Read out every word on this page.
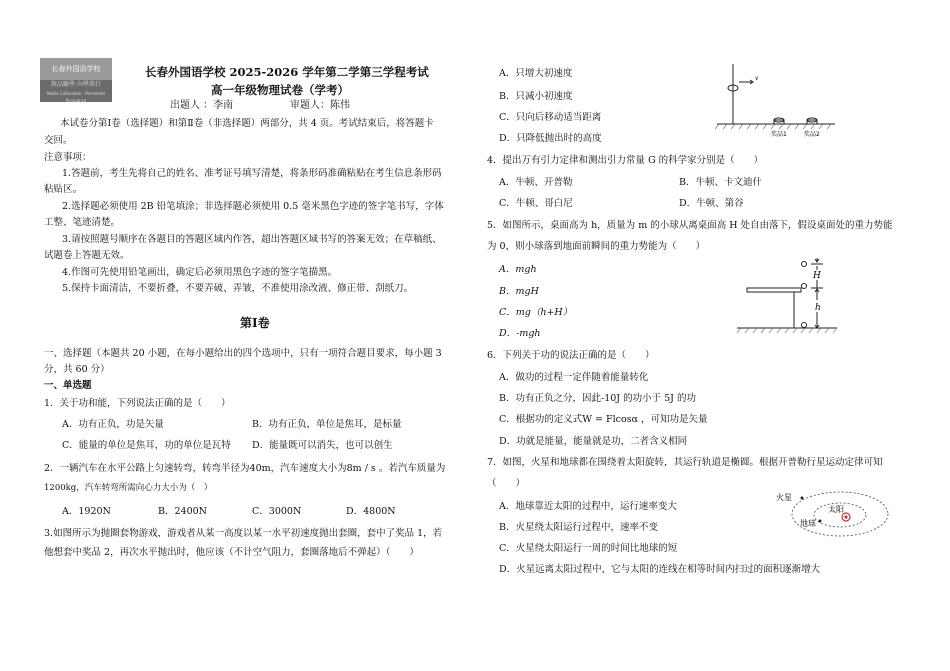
长春外国语学校
敦品勵學 向學篤行
Noble Cultivation · Persistent Pursuance
长春外国语学校 2025-2026 学年第二学第三学程考试
高一年级物理试卷（学考）
出题人 ：李南	审题人：陈伟
本试卷分第Ⅰ卷（选择题）和第Ⅱ卷（非选择题）两部分，共 4 页。考试结束后，将答题卡
交回。
注意事项：
1.答题前，考生先将自己的姓名、准考证号填写清楚，将条形码准确粘贴在考生信息条形码
粘贴区。
2.选择题必须使用 2B 铅笔填涂；非选择题必须使用 0.5 毫米黑色字迹的签字笔书写，字体
工整、笔迹清楚。
3.请按照题号顺序在各题目的答题区域内作答，超出答题区域书写的答案无效；在草稿纸、
试题卷上答题无效。
4.作图可先使用铅笔画出，确定后必须用黑色字迹的签字笔描黑。
5.保持卡面清洁，不要折叠，不要弄破、弄皱，不准使用涂改液、修正带、刮纸刀。
第Ⅰ卷
一、选择题（本题共 20 小题，在每小题给出的四个选项中，只有一项符合题目要求，每小题 3
分，共 60 分）
一、单选题
1．关于功和能，下列说法正确的是（　　）
A．功有正负，功是矢量	B．功有正负，单位是焦耳，是标量
C．能量的单位是焦耳，功的单位是瓦特 D．能量既可以消失，也可以创生
2．一辆汽车在水平公路上匀速转弯，转弯半径为40m，汽车速度大小为8m / s 。若汽车质量为
1200kg，汽车转弯所需向心力大小为（　）
A．1920N	B．2400N	C．3000N	D．4800N
3.如图所示为抛圈套物游戏，游戏者从某一高度以某一水平初速度抛出套圈，套中了奖品 1，若
他想套中奖品 2，再次水平抛出时，他应该（不计空气阻力，套圈落地后不弹起）（　　）
A．只增大初速度
B．只减小初速度
C．只向后移动适当距离
D．只降低抛出时的高度
v
奖品1	奖品2
4．提出万有引力定律和测出引力常量 G 的科学家分别是（　　）
A．牛顿、开普勒	B．牛顿、卡文迪什
C．牛顿、哥白尼	D．牛顿、第谷
5．如图所示，桌面高为 h，质量为 m 的小球从离桌面高 H 处自由落下，假设桌面处的重力势能
为 0，则小球落到地面前瞬间的重力势能为（　　）
A．mgh
B．mgH
C．mg（h+H）
D．-mgh
H
h
6．下列关于功的说法正确的是（　　）
A．做功的过程一定伴随着能量转化
B．功有正负之分，因此-10J 的功小于 5J 的功
C．根据功的定义式W = Flcosα ，可知功是矢量
D．功就是能量，能量就是功，二者含义相同
7．如图，火星和地球都在围绕着太阳旋转，其运行轨道是椭圆。根据开普勒行星运动定律可知
（　　）
A．地球靠近太阳的过程中，运行速率变大
B．火星绕太阳运行过程中，速率不变
C．火星绕太阳运行一周的时间比地球的短
D．火星远离太阳过程中，它与太阳的连线在相等时间内扫过的面积逐渐增大
火星
太阳
地球
